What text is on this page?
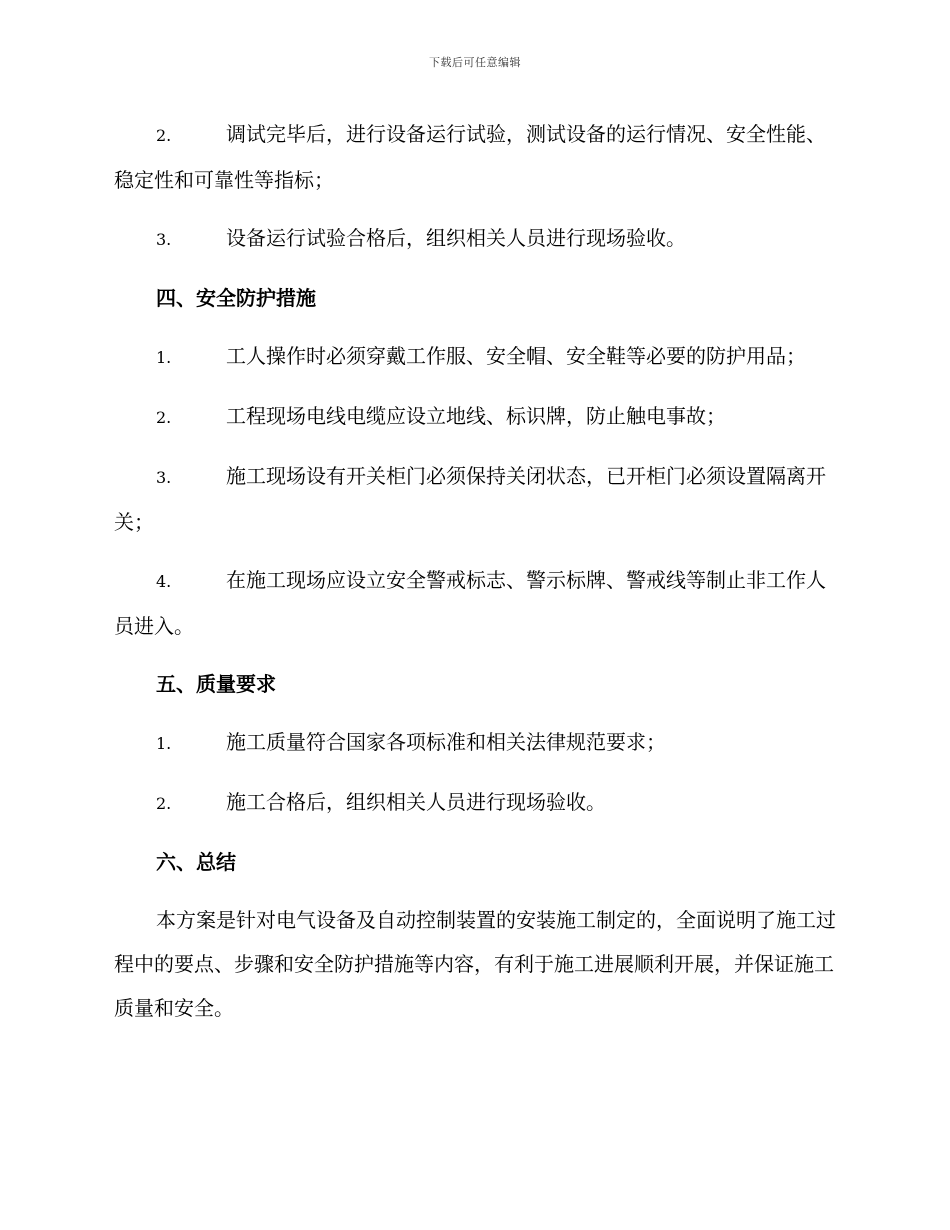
下载后可任意编辑
2.	调试完毕后，进行设备运行试验，测试设备的运行情况、安全性能、稳定性和可靠性等指标；
3.	设备运行试验合格后，组织相关人员进行现场验收。
四、安全防护措施
1.	工人操作时必须穿戴工作服、安全帽、安全鞋等必要的防护用品；
2.	工程现场电线电缆应设立地线、标识牌，防止触电事故；
3.	施工现场设有开关柜门必须保持关闭状态，已开柜门必须设置隔离开关；
4.	在施工现场应设立安全警戒标志、警示标牌、警戒线等制止非工作人员进入。
五、质量要求
1.	施工质量符合国家各项标准和相关法律规范要求；
2.	施工合格后，组织相关人员进行现场验收。
六、总结

本方案是针对电气设备及自动控制装置的安装施工制定的，全面说明了施工过程中的要点、步骤和安全防护措施等内容，有利于施工进展顺利开展，并保证施工质量和安全。
